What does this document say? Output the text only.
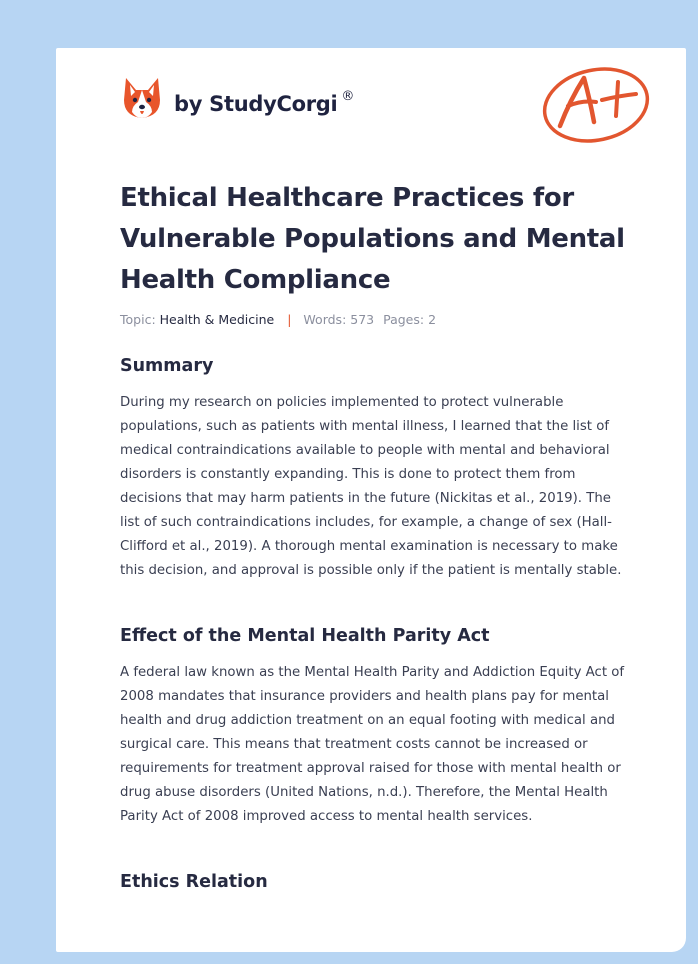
by StudyCorgi ®
Ethical Healthcare Practices for Vulnerable Populations and Mental Health Compliance
Topic: Health & Medicine | Words: 573 Pages: 2
Summary

During my research on policies implemented to protect vulnerable populations, such as patients with mental illness, I learned that the list of medical contraindications available to people with mental and behavioral disorders is constantly expanding. This is done to protect them from decisions that may harm patients in the future (Nickitas et al., 2019). The list of such contraindications includes, for example, a change of sex (Hall-Clifford et al., 2019). A thorough mental examination is necessary to make this decision, and approval is possible only if the patient is mentally stable.

Effect of the Mental Health Parity Act

A federal law known as the Mental Health Parity and Addiction Equity Act of 2008 mandates that insurance providers and health plans pay for mental health and drug addiction treatment on an equal footing with medical and surgical care. This means that treatment costs cannot be increased or requirements for treatment approval raised for those with mental health or drug abuse disorders (United Nations, n.d.). Therefore, the Mental Health Parity Act of 2008 improved access to mental health services.

Ethics Relation
